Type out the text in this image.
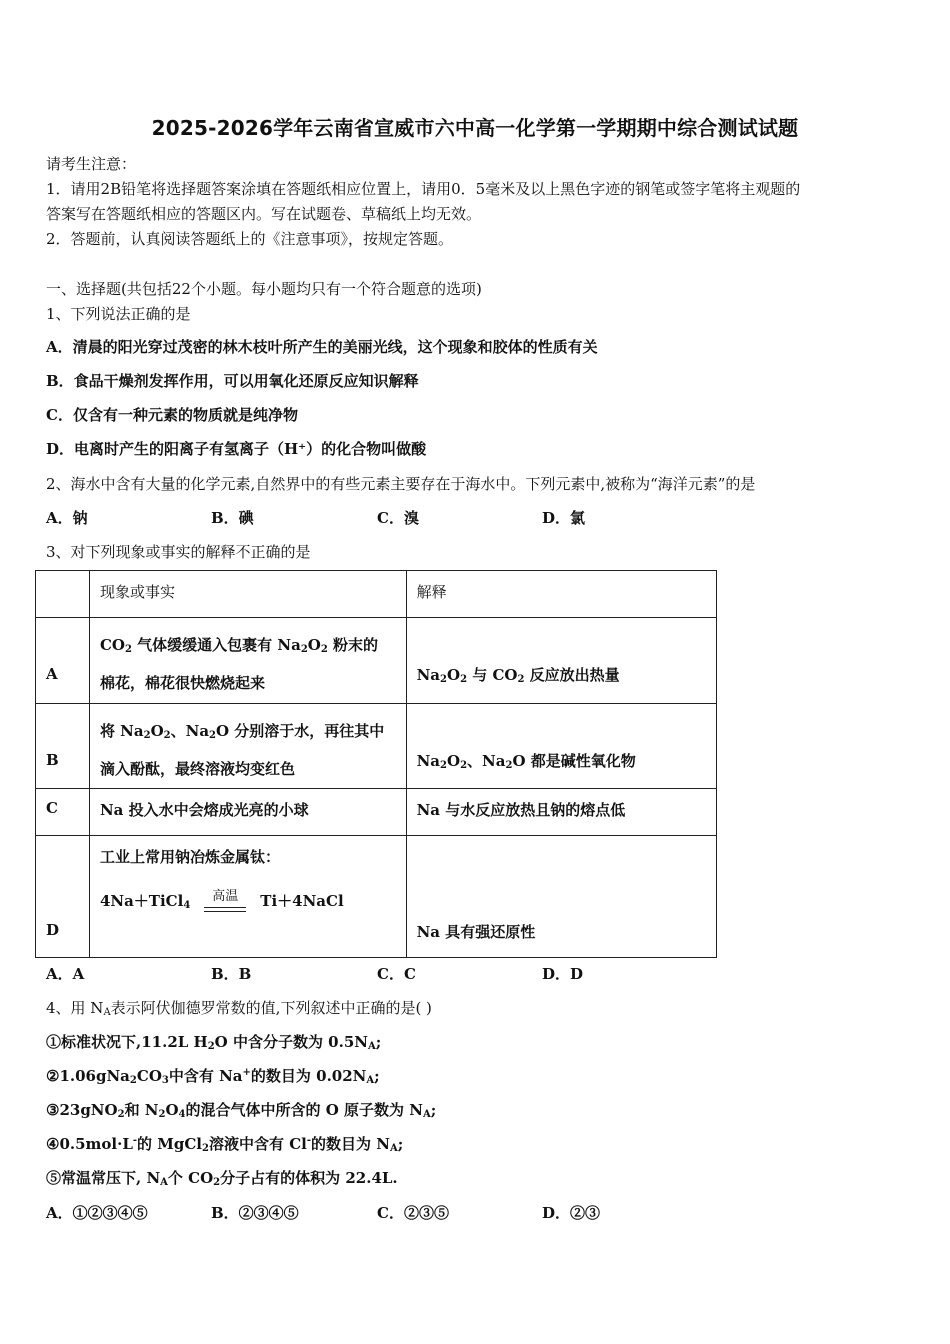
2025-2026学年云南省宣威市六中高一化学第一学期期中综合测试试题
请考生注意：
1．请用2B铅笔将选择题答案涂填在答题纸相应位置上，请用0．5毫米及以上黑色字迹的钢笔或签字笔将主观题的
答案写在答题纸相应的答题区内。写在试题卷、草稿纸上均无效。
2．答题前，认真阅读答题纸上的《注意事项》，按规定答题。
一、选择题(共包括22个小题。每小题均只有一个符合题意的选项)
1、下列说法正确的是
A．清晨的阳光穿过茂密的林木枝叶所产生的美丽光线，这个现象和胶体的性质有关
B．食品干燥剂发挥作用，可以用氧化还原反应知识解释
C．仅含有一种元素的物质就是纯净物
D．电离时产生的阳离子有氢离子（H⁺）的化合物叫做酸
2、海水中含有大量的化学元素,自然界中的有些元素主要存在于海水中。下列元素中,被称为“海洋元素”的是
A．钠	B．碘	C．溴	D．氯
3、对下列现象或事实的解释不正确的是
	现象或事实	解释
A	$CO_2$ 气体缓缓通入包裹有 $Na_2O_2$ 粉末的
棉花，棉花很快燃烧起来	$Na_2O_2$ 与 $CO_2$ 反应放出热量
B	将 $Na_2O_2$、$Na_2O$ 分别溶于水，再往其中
滴入酚酞，最终溶液均变红色	$Na_2O_2$、$Na_2O$ 都是碱性氧化物
C	Na 投入水中会熔成光亮的小球	Na 与水反应放热且钠的熔点低
D	工业上常用钠冶炼金属钛：
4Na＋TiCl$_4$
高温 Ti＋4NaCl	Na 具有强还原性
A．A	B．B	C．C	D．D
4、用 $N_A$表示阿伏伽德罗常数的值,下列叙述中正确的是( )
①标准状况下,11.2L $H_2O$ 中含分子数为 $0.5N_A$;
$②1.06gNa_2CO_3$中含有 Na+的数目为 $0.02N_A$;
③23gNO$_2$和 $N_2O_4$的混合气体中所含的 O 原子数为 $N_A$;
④0.5mol·L-的 MgCl$_2$溶液中含有 Cl-的数目为 $N_A$;
⑤常温常压下, $N_A$个 $CO_2$分子占有的体积为 22.4L.
A．①②③④⑤	B．②③④⑤	C．②③⑤	D．②③
